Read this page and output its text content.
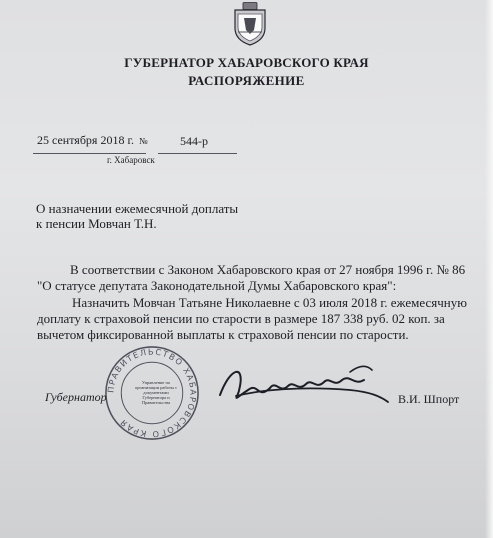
ГУБЕРНАТОР ХАБАРОВСКОГО КРАЯ
РАСПОРЯЖЕНИЕ
25 сентября 2018 г. №	544-р
г. Хабаровск
О назначении ежемесячной доплаты
к пенсии Мовчан Т.Н.
В соответствии с Законом Хабаровского края от 27 ноября 1996 г. № 86
"О статусе депутата Законодательной Думы Хабаровского края":
Назначить Мовчан Татьяне Николаевне с 03 июля 2018 г. ежемесячную
доплату к страховой пенсии по старости в размере 187 338 руб. 02 коп. за
вычетом фиксированной выплаты к страховой пенсии по старости.
ПРАВИТЕЛЬСТВО ХАБАРОВСКОГО КРАЯ
Управление по организации работы с документами Губернатора и Правительства
Губернатор	В.И. Шпорт
